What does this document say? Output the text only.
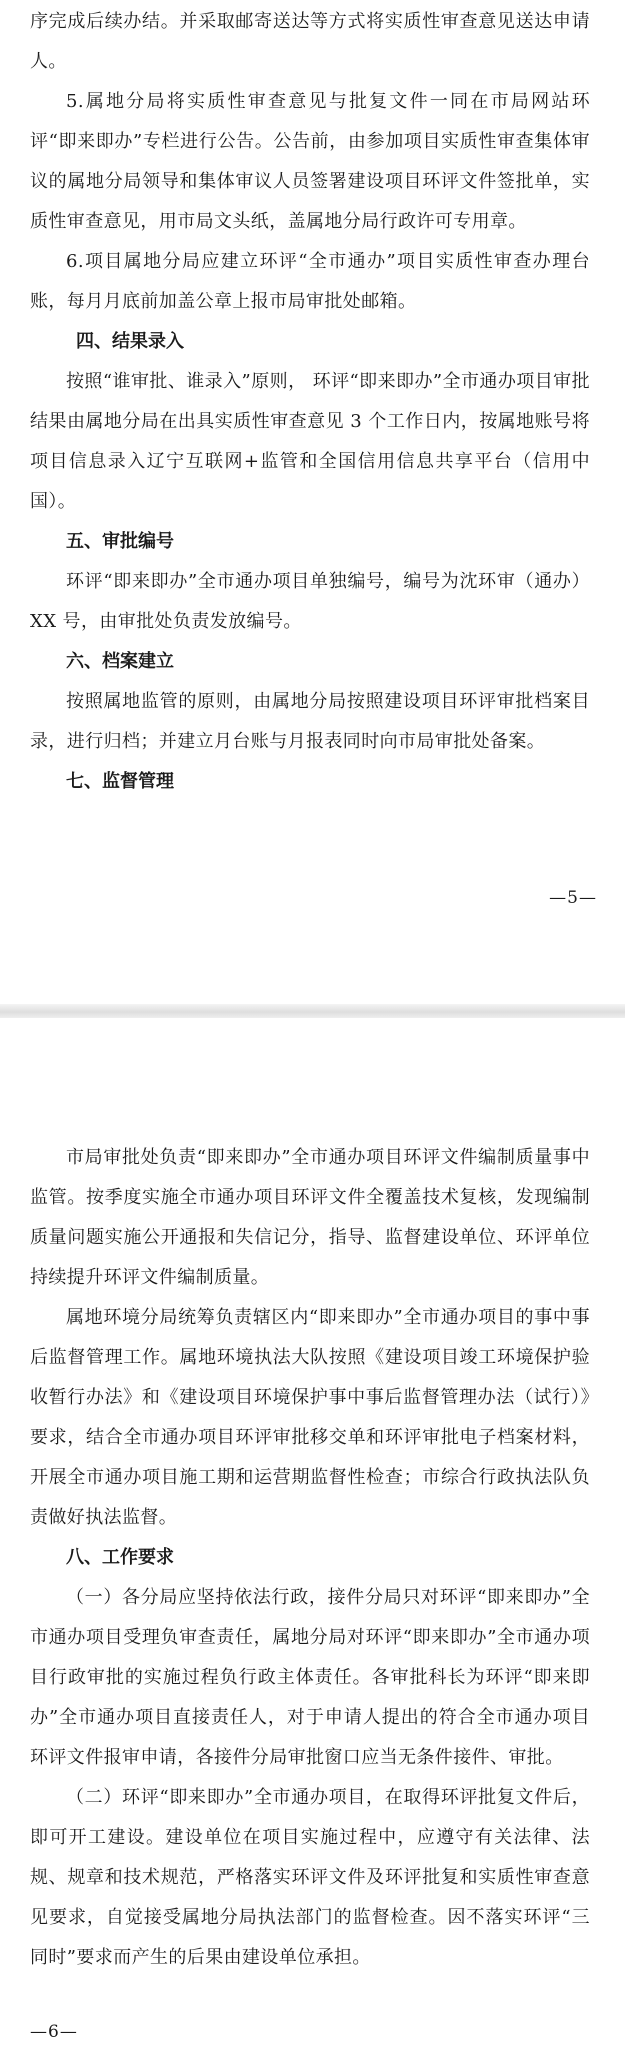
序完成后续办结。并采取邮寄送达等方式将实质性审查意见送达申请人。

5.属地分局将实质性审查意见与批复文件一同在市局网站环评“即来即办”专栏进行公告。公告前，由参加项目实质性审查集体审议的属地分局领导和集体审议人员签署建设项目环评文件签批单，实质性审查意见，用市局文头纸，盖属地分局行政许可专用章。

6.项目属地分局应建立环评“全市通办”项目实质性审查办理台账，每月月底前加盖公章上报市局审批处邮箱。

四、结果录入

按照“谁审批、谁录入”原则， 环评“即来即办”全市通办项目审批结果由属地分局在出具实质性审查意见 3 个工作日内，按属地账号将项目信息录入辽宁互联网+监管和全国信用信息共享平台（信用中国）。

五、审批编号

环评“即来即办”全市通办项目单独编号，编号为沈环审（通办）XX 号，由审批处负责发放编号。

六、档案建立

按照属地监管的原则，由属地分局按照建设项目环评审批档案目录，进行归档；并建立月台账与月报表同时向市局审批处备案。

七、监督管理
—5—

市局审批处负责“即来即办”全市通办项目环评文件编制质量事中监管。按季度实施全市通办项目环评文件全覆盖技术复核，发现编制质量问题实施公开通报和失信记分，指导、监督建设单位、环评单位持续提升环评文件编制质量。

属地环境分局统筹负责辖区内“即来即办”全市通办项目的事中事后监督管理工作。属地环境执法大队按照《建设项目竣工环境保护验收暂行办法》和《建设项目环境保护事中事后监督管理办法（试行）》要求，结合全市通办项目环评审批移交单和环评审批电子档案材料，开展全市通办项目施工期和运营期监督性检查；市综合行政执法队负责做好执法监督。

八、工作要求

（一）各分局应坚持依法行政，接件分局只对环评“即来即办”全市通办项目受理负审查责任，属地分局对环评“即来即办”全市通办项目行政审批的实施过程负行政主体责任。各审批科长为环评“即来即办”全市通办项目直接责任人，对于申请人提出的符合全市通办项目环评文件报审申请，各接件分局审批窗口应当无条件接件、审批。

（二）环评“即来即办”全市通办项目，在取得环评批复文件后，即可开工建设。建设单位在项目实施过程中，应遵守有关法律、法规、规章和技术规范，严格落实环评文件及环评批复和实质性审查意见要求，自觉接受属地分局执法部门的监督检查。因不落实环评“三同时”要求而产生的后果由建设单位承担。

—6—
